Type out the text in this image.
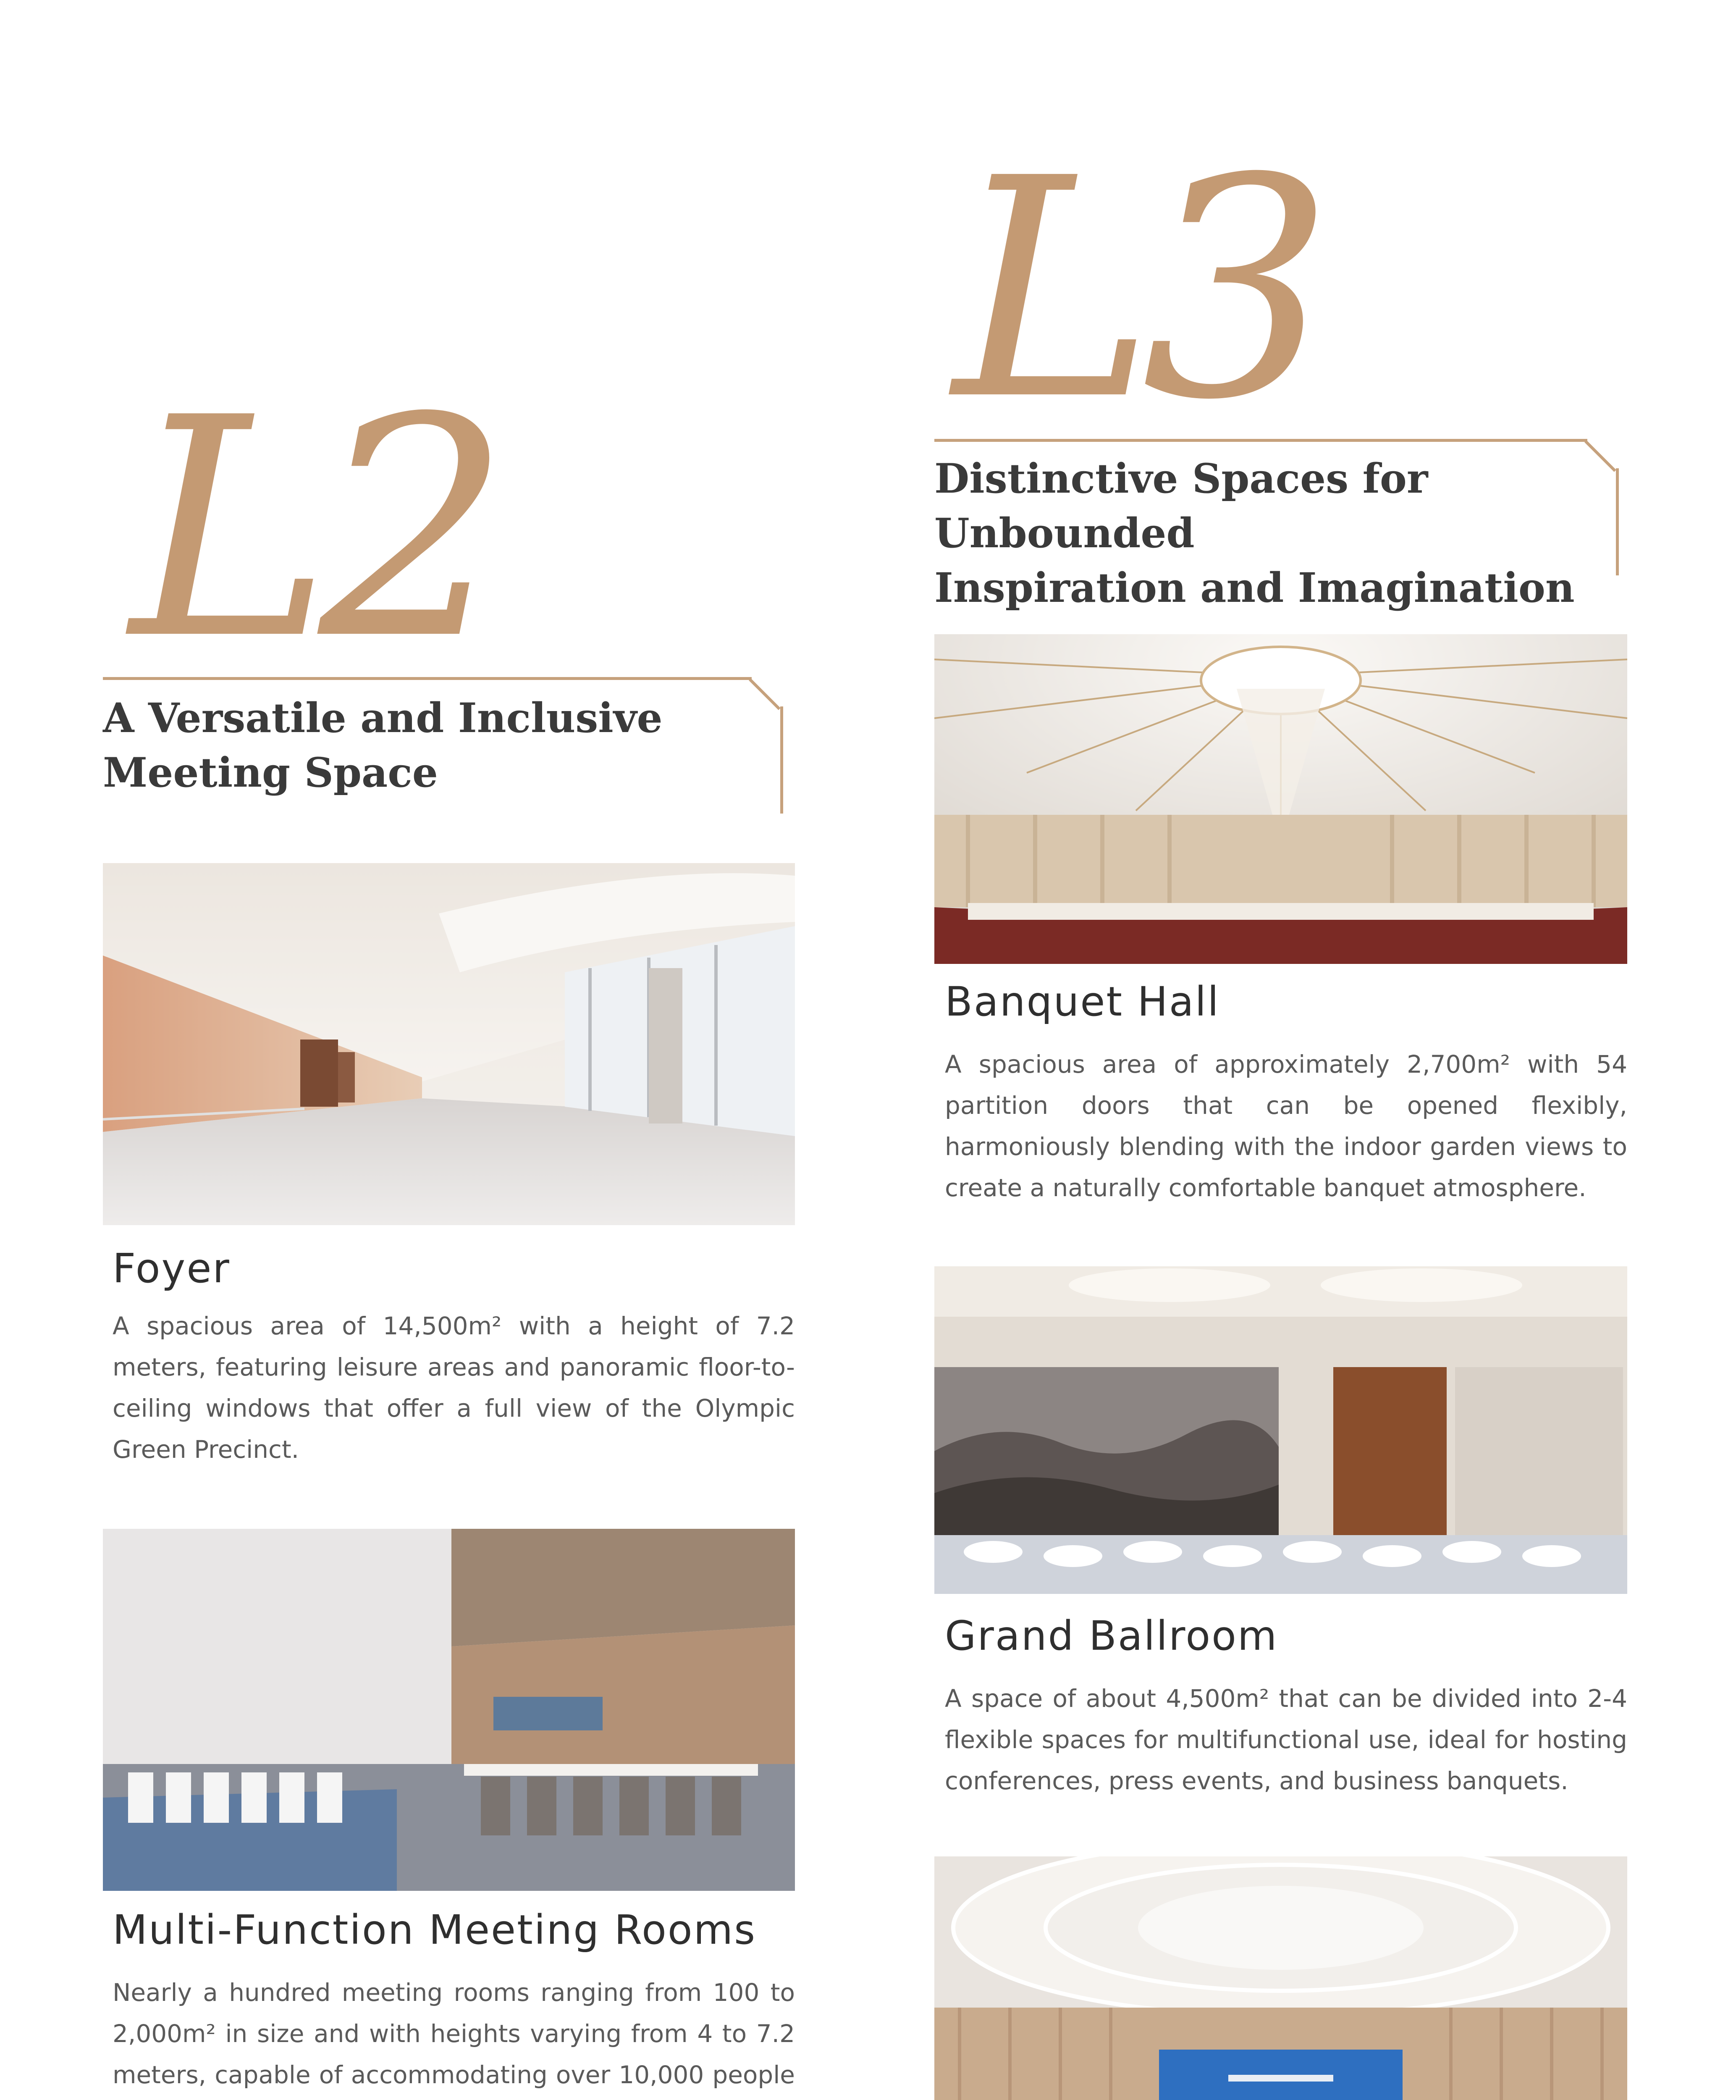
L3
Distinctive Spaces for Unbounded
Inspiration and Imagination
L2
A Versatile and Inclusive
Meeting Space
Foyer
A spacious area of 14,500m² with a height of 7.2 meters, featuring leisure areas and panoramic floor-to-ceiling windows that offer a full view of the Olympic Green Precinct.
Multi-Function Meeting Rooms
Nearly a hundred meeting rooms ranging from 100 to 2,000m² in size and with heights varying from 4 to 7.2 meters, capable of accommodating over 10,000 people
Banquet Hall
A spacious area of approximately 2,700m² with 54 partition doors that can be opened flexibly, harmoniously blending with the indoor garden views to create a naturally comfortable banquet atmosphere.
Grand Ballroom
A space of about 4,500m² that can be divided into 2-4 flexible spaces for multifunctional use, ideal for hosting conferences, press events, and business banquets.
